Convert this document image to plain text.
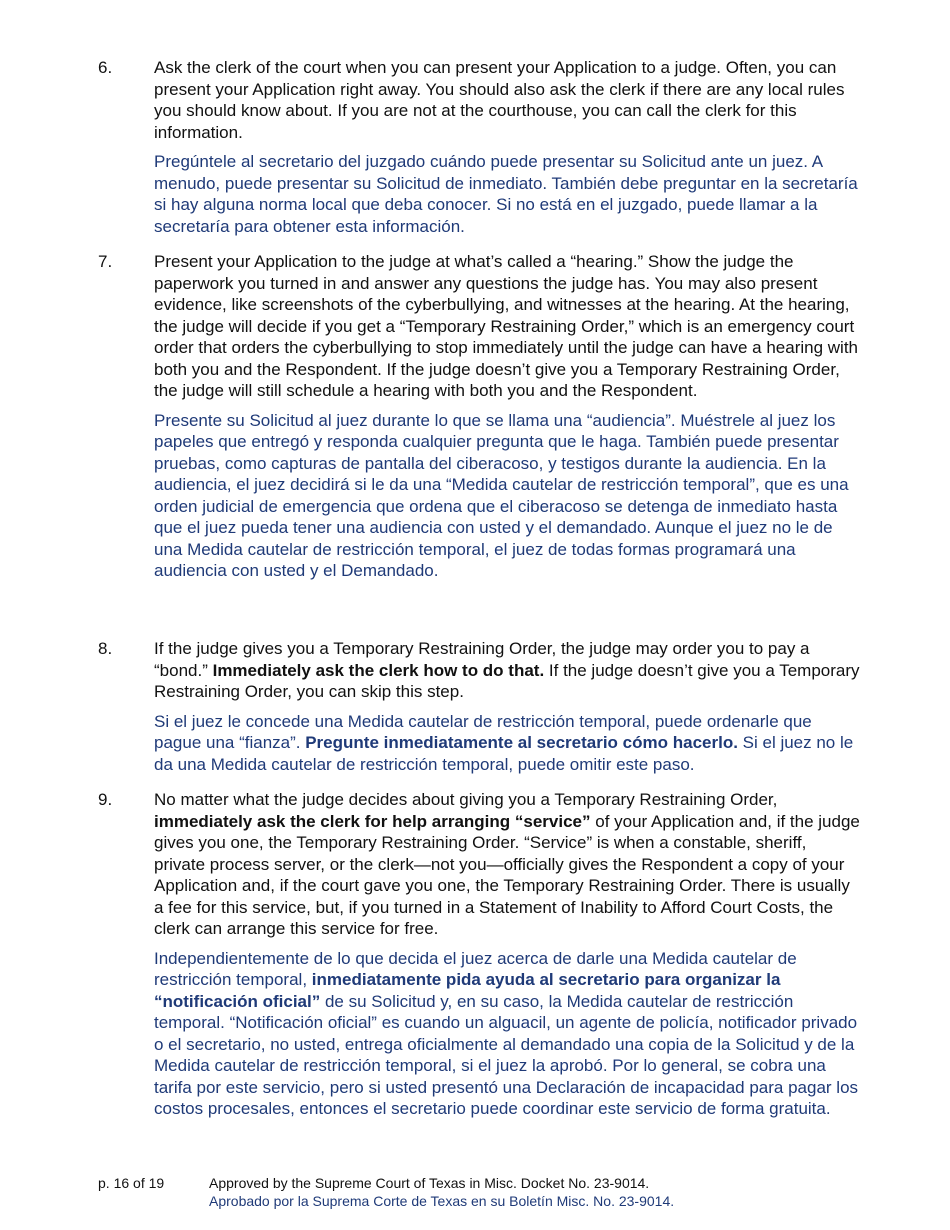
6. Ask the clerk of the court when you can present your Application to a judge. Often, you can present your Application right away. You should also ask the clerk if there are any local rules you should know about. If you are not at the courthouse, you can call the clerk for this information.

Pregúntele al secretario del juzgado cuándo puede presentar su Solicitud ante un juez. A menudo, puede presentar su Solicitud de inmediato. También debe preguntar en la secretaría si hay alguna norma local que deba conocer. Si no está en el juzgado, puede llamar a la secretaría para obtener esta información.

7. Present your Application to the judge at what’s called a “hearing.” Show the judge the paperwork you turned in and answer any questions the judge has. You may also present evidence, like screenshots of the cyberbullying, and witnesses at the hearing. At the hearing, the judge will decide if you get a “Temporary Restraining Order,” which is an emergency court order that orders the cyberbullying to stop immediately until the judge can have a hearing with both you and the Respondent. If the judge doesn’t give you a Temporary Restraining Order, the judge will still schedule a hearing with both you and the Respondent.

Presente su Solicitud al juez durante lo que se llama una “audiencia”. Muéstrele al juez los papeles que entregó y responda cualquier pregunta que le haga. También puede presentar pruebas, como capturas de pantalla del ciberacoso, y testigos durante la audiencia. En la audiencia, el juez decidirá si le da una “Medida cautelar de restricción temporal”, que es una orden judicial de emergencia que ordena que el ciberacoso se detenga de inmediato hasta que el juez pueda tener una audiencia con usted y el demandado. Aunque el juez no le de una Medida cautelar de restricción temporal, el juez de todas formas programará una audiencia con usted y el Demandado.

8. If the judge gives you a Temporary Restraining Order, the judge may order you to pay a “bond.” Immediately ask the clerk how to do that. If the judge doesn’t give you a Temporary Restraining Order, you can skip this step.

Si el juez le concede una Medida cautelar de restricción temporal, puede ordenarle que pague una “fianza”. Pregunte inmediatamente al secretario cómo hacerlo. Si el juez no le da una Medida cautelar de restricción temporal, puede omitir este paso.

9. No matter what the judge decides about giving you a Temporary Restraining Order, immediately ask the clerk for help arranging “service” of your Application and, if the judge gives you one, the Temporary Restraining Order. “Service” is when a constable, sheriff, private process server, or the clerk—not you—officially gives the Respondent a copy of your Application and, if the court gave you one, the Temporary Restraining Order. There is usually a fee for this service, but, if you turned in a Statement of Inability to Afford Court Costs, the clerk can arrange this service for free.

Independientemente de lo que decida el juez acerca de darle una Medida cautelar de restricción temporal, inmediatamente pida ayuda al secretario para organizar la “notificación oficial” de su Solicitud y, en su caso, la Medida cautelar de restricción temporal. “Notificación oficial” es cuando un alguacil, un agente de policía, notificador privado o el secretario, no usted, entrega oficialmente al demandado una copia de la Solicitud y de la Medida cautelar de restricción temporal, si el juez la aprobó. Por lo general, se cobra una tarifa por este servicio, pero si usted presentó una Declaración de incapacidad para pagar los costos procesales, entonces el secretario puede coordinar este servicio de forma gratuita.

p. 16 of 19	Approved by the Supreme Court of Texas in Misc. Docket No. 23-9014.
Aprobado por la Suprema Corte de Texas en su Boletín Misc. No. 23-9014.
